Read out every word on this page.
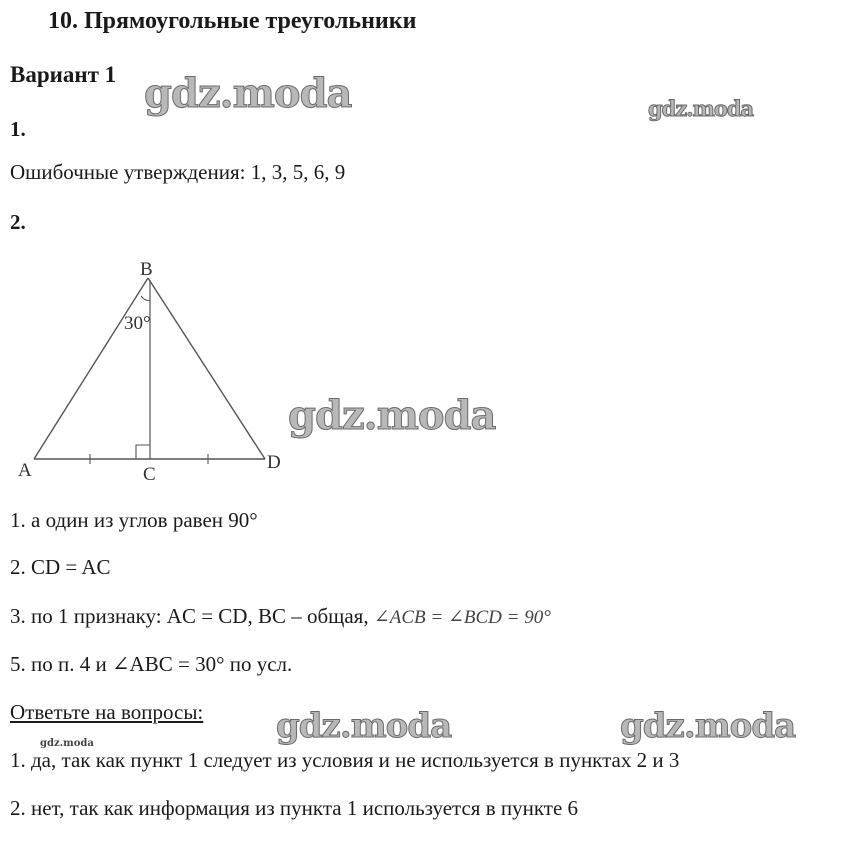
10. Прямоугольные треугольники
Вариант 1
1.
Ошибочные утверждения: 1, 3, 5, 6, 9
2.
B
A	C
D
30°
1. а один из углов равен 90°
2. CD = AC
3. по 1 признаку: AC = CD, BC – общая, ∠ACB = ∠BCD = 90°
5. по п. 4 и ∠ABC = 30° по усл.
Ответьте на вопросы:
1. да, так как пункт 1 следует из условия и не используется в пунктах 2 и 3
2. нет, так как информация из пункта 1 используется в пункте 6
gdz.moda	gdz.moda
gdz.moda
gdz.moda	gdz.moda
gdz.moda
